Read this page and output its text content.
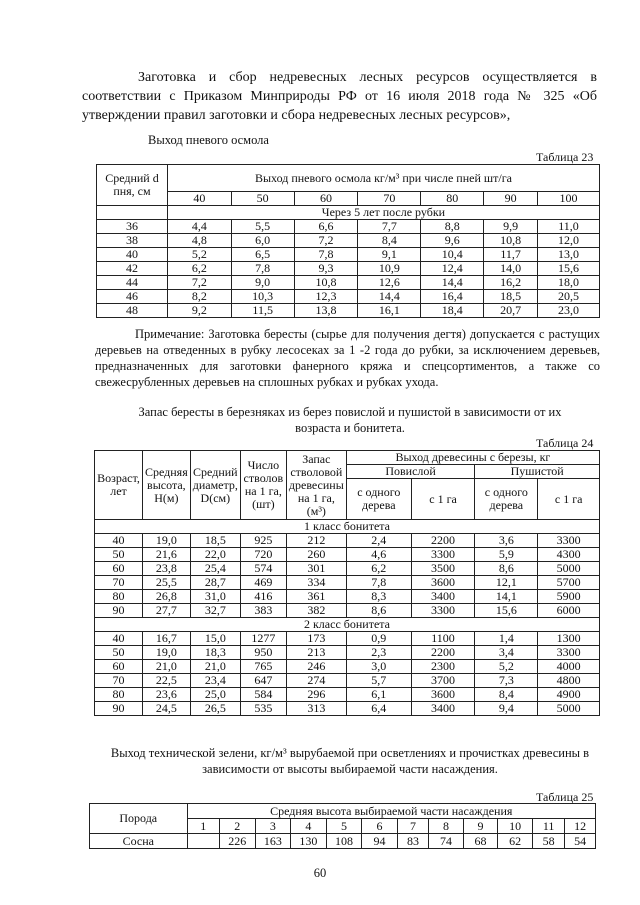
Заготовка и сбор недревесных лесных ресурсов осуществляется в соответствии с Приказом Минприроды РФ от 16 июля 2018 года № 325 «Об утверждении правил заготовки и сбора недревесных лесных ресурсов»,
Выход пневого осмола
Таблица 23
Средний d пня, см	Выход пневого осмола кг/м³ при числе пней шт/га						
	40	50	60	70	80	90	100
	Через 5 лет после рубки						
36	4,4	5,5	6,6	7,7	8,8	9,9	11,0
38	4,8	6,0	7,2	8,4	9,6	10,8	12,0
40	5,2	6,5	7,8	9,1	10,4	11,7	13,0
42	6,2	7,8	9,3	10,9	12,4	14,0	15,6
44	7,2	9,0	10,8	12,6	14,4	16,2	18,0
46	8,2	10,3	12,3	14,4	16,4	18,5	20,5
48	9,2	11,5	13,8	16,1	18,4	20,7	23,0
Примечание: Заготовка бересты (сырье для получения дегтя) допускается с растущих деревьев на отведенных в рубку лесосеках за 1 -2 года до рубки, за исключением деревьев, предназначенных для заготовки фанерного кряжа и спецсортиментов, а также со свежесрубленных деревьев на сплошных рубках и рубках ухода.
Запас бересты в березняках из берез повислой и пушистой в зависимости от их возраста и бонитета.
Таблица 24
Возраст, лет	Средняя высота, Н(м)	Средний диаметр, D(см)	Число стволов на 1 га, (шт)	Запас стволовой древесины на 1 га, (м³)	Выход древесины с березы, кг			
					Повислой		Пушистой	
					с одного дерева	с 1 га	с одного дерева	с 1 га
1 класс бонитета								
40	19,0	18,5	925	212	2,4	2200	3,6	3300
50	21,6	22,0	720	260	4,6	3300	5,9	4300
60	23,8	25,4	574	301	6,2	3500	8,6	5000
70	25,5	28,7	469	334	7,8	3600	12,1	5700
80	26,8	31,0	416	361	8,3	3400	14,1	5900
90	27,7	32,7	383	382	8,6	3300	15,6	6000
2 класс бонитета								
40	16,7	15,0	1277	173	0,9	1100	1,4	1300
50	19,0	18,3	950	213	2,3	2200	3,4	3300
60	21,0	21,0	765	246	3,0	2300	5,2	4000
70	22,5	23,4	647	274	5,7	3700	7,3	4800
80	23,6	25,0	584	296	6,1	3600	8,4	4900
90	24,5	26,5	535	313	6,4	3400	9,4	5000
Выход технической зелени, кг/м³ вырубаемой при осветлениях и прочистках древесины в зависимости от высоты выбираемой части насаждения.
Таблица 25
Порода	Средняя высота выбираемой части насаждения											
	1	2	3	4	5	6	7	8	9	10	11	12
Сосна		226	163	130	108	94	83	74	68	62	58	54
60
